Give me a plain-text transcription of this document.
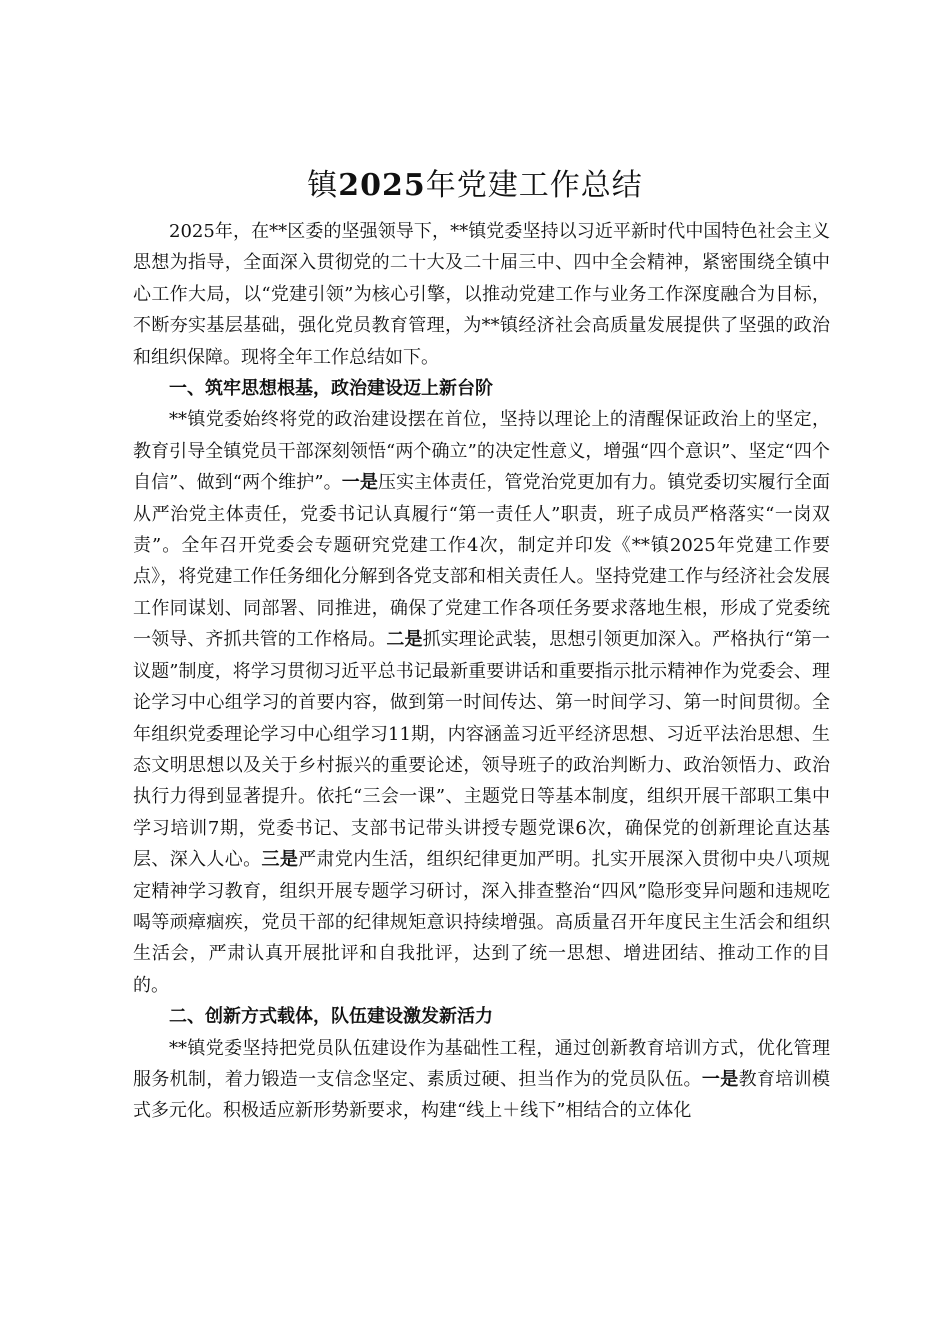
镇2025年党建工作总结

2025年，在**区委的坚强领导下，**镇党委坚持以习近平新时代中国特色社会主义思想为指导，全面深入贯彻党的二十大及二十届三中、四中全会精神，紧密围绕全镇中心工作大局，以“党建引领”为核心引擎，以推动党建工作与业务工作深度融合为目标，不断夯实基层基础，强化党员教育管理，为**镇经济社会高质量发展提供了坚强的政治和组织保障。现将全年工作总结如下。

一、筑牢思想根基，政治建设迈上新台阶

**镇党委始终将党的政治建设摆在首位，坚持以理论上的清醒保证政治上的坚定，教育引导全镇党员干部深刻领悟“两个确立”的决定性意义，增强“四个意识”、坚定“四个自信”、做到“两个维护”。一是压实主体责任，管党治党更加有力。镇党委切实履行全面从严治党主体责任，党委书记认真履行“第一责任人”职责，班子成员严格落实“一岗双责”。全年召开党委会专题研究党建工作4次，制定并印发《**镇2025年党建工作要点》，将党建工作任务细化分解到各党支部和相关责任人。坚持党建工作与经济社会发展工作同谋划、同部署、同推进，确保了党建工作各项任务要求落地生根，形成了党委统一领导、齐抓共管的工作格局。二是抓实理论武装，思想引领更加深入。严格执行“第一议题”制度，将学习贯彻习近平总书记最新重要讲话和重要指示批示精神作为党委会、理论学习中心组学习的首要内容，做到第一时间传达、第一时间学习、第一时间贯彻。全年组织党委理论学习中心组学习11期，内容涵盖习近平经济思想、习近平法治思想、生态文明思想以及关于乡村振兴的重要论述，领导班子的政治判断力、政治领悟力、政治执行力得到显著提升。依托“三会一课”、主题党日等基本制度，组织开展干部职工集中学习培训7期，党委书记、支部书记带头讲授专题党课6次，确保党的创新理论直达基层、深入人心。三是严肃党内生活，组织纪律更加严明。扎实开展深入贯彻中央八项规定精神学习教育，组织开展专题学习研讨，深入排查整治“四风”隐形变异问题和违规吃喝等顽瘴痼疾，党员干部的纪律规矩意识持续增强。高质量召开年度民主生活会和组织生活会，严肃认真开展批评和自我批评，达到了统一思想、增进团结、推动工作的目的。

二、创新方式载体，队伍建设激发新活力

**镇党委坚持把党员队伍建设作为基础性工程，通过创新教育培训方式，优化管理服务机制，着力锻造一支信念坚定、素质过硬、担当作为的党员队伍。一是教育培训模式多元化。积极适应新形势新要求，构建“线上＋线下”相结合的立体化
